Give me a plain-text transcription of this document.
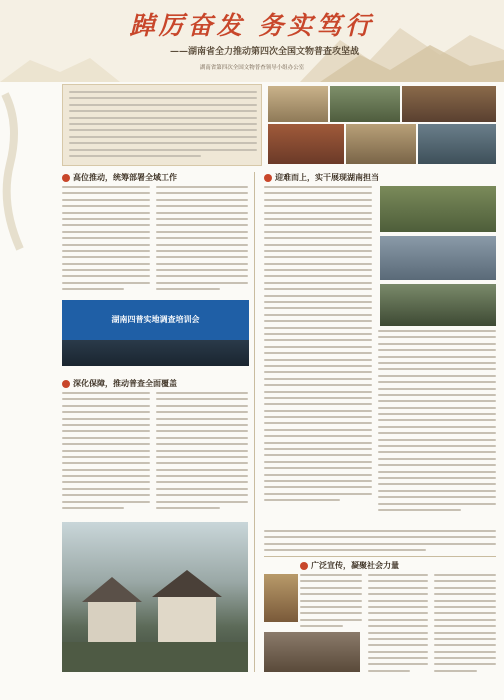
踔厉奋发 务实笃行
——湖南省全力推动第四次全国文物普查攻坚战
湖南省第四次全国文物普查领导小组办公室
高位推动，统筹部署全域工作
湖南四普实地调查培训会
深化保障，推动普查全面覆盖
迎难而上，实干展现湖南担当
广泛宣传，凝聚社会力量
